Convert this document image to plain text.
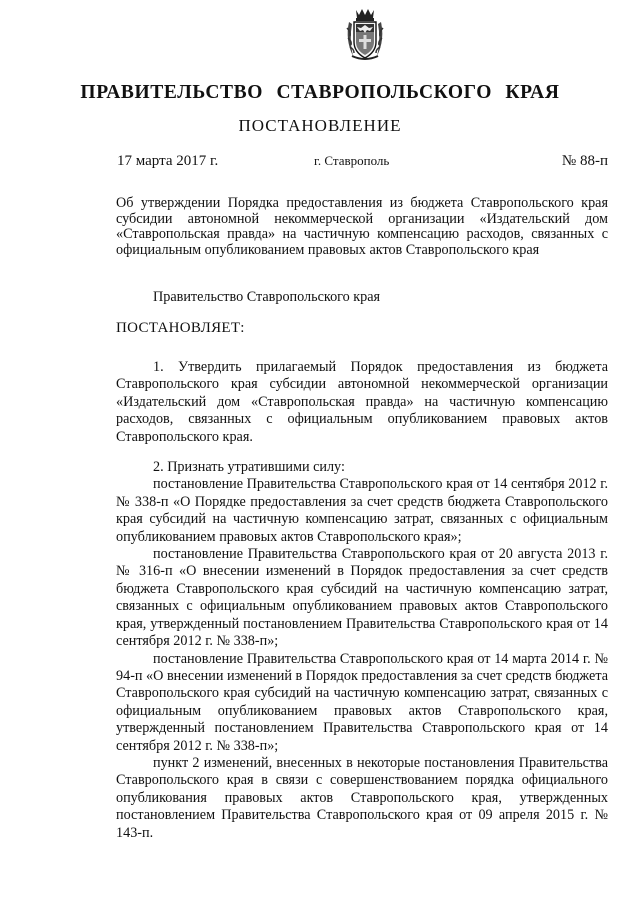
ПРАВИТЕЛЬСТВО СТАВРОПОЛЬСКОГО КРАЯ
ПОСТАНОВЛЕНИЕ
17 марта 2017 г.	г. Ставрополь	№ 88-п
Об утверждении Порядка предоставления из бюджета Ставропольского края субсидии автономной некоммерческой организации «Издательский дом «Ставропольская правда» на частичную компенсацию расходов, связанных с официальным опубликованием правовых актов Ставропольского края
Правительство Ставропольского края
ПОСТАНОВЛЯЕТ:

1. Утвердить прилагаемый Порядок предоставления из бюджета Ставропольского края субсидии автономной некоммерческой организации «Издательский дом «Ставропольская правда» на частичную компенсацию расходов, связанных с официальным опубликованием правовых актов Ставропольского края.

2. Признать утратившими силу:

постановление Правительства Ставропольского края от 14 сентября 2012 г. № 338-п «О Порядке предоставления за счет средств бюджета Ставропольского края субсидий на частичную компенсацию затрат, связанных с официальным опубликованием правовых актов Ставропольского края»;

постановление Правительства Ставропольского края от 20 августа 2013 г. № 316-п «О внесении изменений в Порядок предоставления за счет средств бюджета Ставропольского края субсидий на частичную компенсацию затрат, связанных с официальным опубликованием правовых актов Ставропольского края, утвержденный постановлением Правительства Ставропольского края от 14 сентября 2012 г. № 338-п»;

постановление Правительства Ставропольского края от 14 марта 2014 г. № 94-п «О внесении изменений в Порядок предоставления за счет средств бюджета Ставропольского края субсидий на частичную компенсацию затрат, связанных с официальным опубликованием правовых актов Ставропольского края, утвержденный постановлением Правительства Ставропольского края от 14 сентября 2012 г. № 338-п»;

пункт 2 изменений, внесенных в некоторые постановления Правительства Ставропольского края в связи с совершенствованием порядка официального опубликования правовых актов Ставропольского края, утвержденных постановлением Правительства Ставропольского края от 09 апреля 2015 г. № 143-п.
